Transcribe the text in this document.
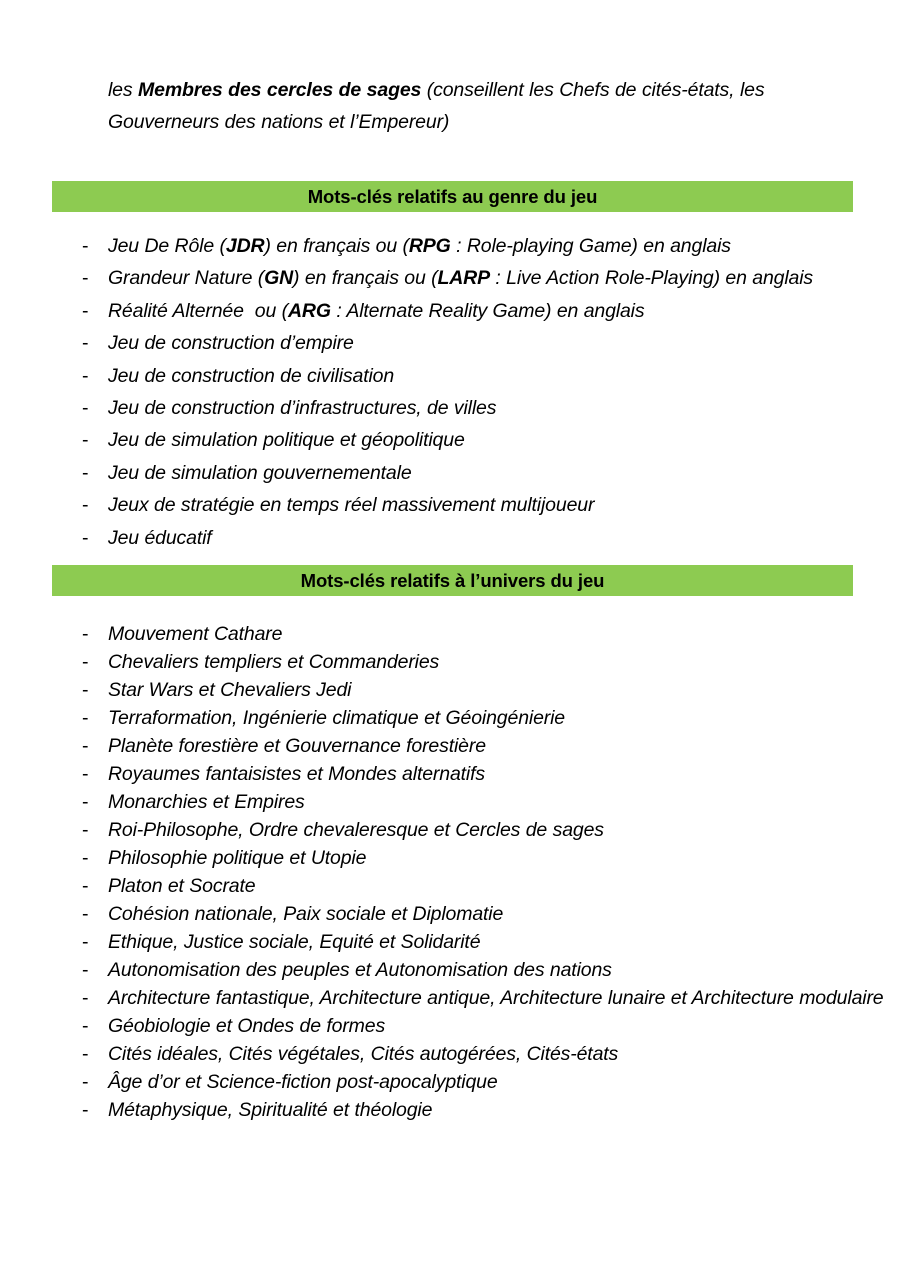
les Membres des cercles de sages (conseillent les Chefs de cités-états, les Gouverneurs des nations et l’Empereur)

Mots-clés relatifs au genre du jeu
- Jeu De Rôle (JDR) en français ou (RPG : Role-playing Game) en anglais
- Grandeur Nature (GN) en français ou (LARP : Live Action Role-Playing) en anglais
- Réalité Alternée  ou (ARG : Alternate Reality Game) en anglais
- Jeu de construction d’empire
- Jeu de construction de civilisation
- Jeu de construction d’infrastructures, de villes
- Jeu de simulation politique et géopolitique
- Jeu de simulation gouvernementale
- Jeux de stratégie en temps réel massivement multijoueur
- Jeu éducatif
Mots-clés relatifs à l’univers du jeu
- Mouvement Cathare
- Chevaliers templiers et Commanderies
- Star Wars et Chevaliers Jedi
- Terraformation, Ingénierie climatique et Géoingénierie
- Planète forestière et Gouvernance forestière
- Royaumes fantaisistes et Mondes alternatifs
- Monarchies et Empires
- Roi-Philosophe, Ordre chevaleresque et Cercles de sages
- Philosophie politique et Utopie
- Platon et Socrate
- Cohésion nationale, Paix sociale et Diplomatie
- Ethique, Justice sociale, Equité et Solidarité
- Autonomisation des peuples et Autonomisation des nations
- Architecture fantastique, Architecture antique, Architecture lunaire et Architecture modulaire
- Géobiologie et Ondes de formes
- Cités idéales, Cités végétales, Cités autogérées, Cités-états
- Âge d’or et Science-fiction post-apocalyptique
- Métaphysique, Spiritualité et théologie
